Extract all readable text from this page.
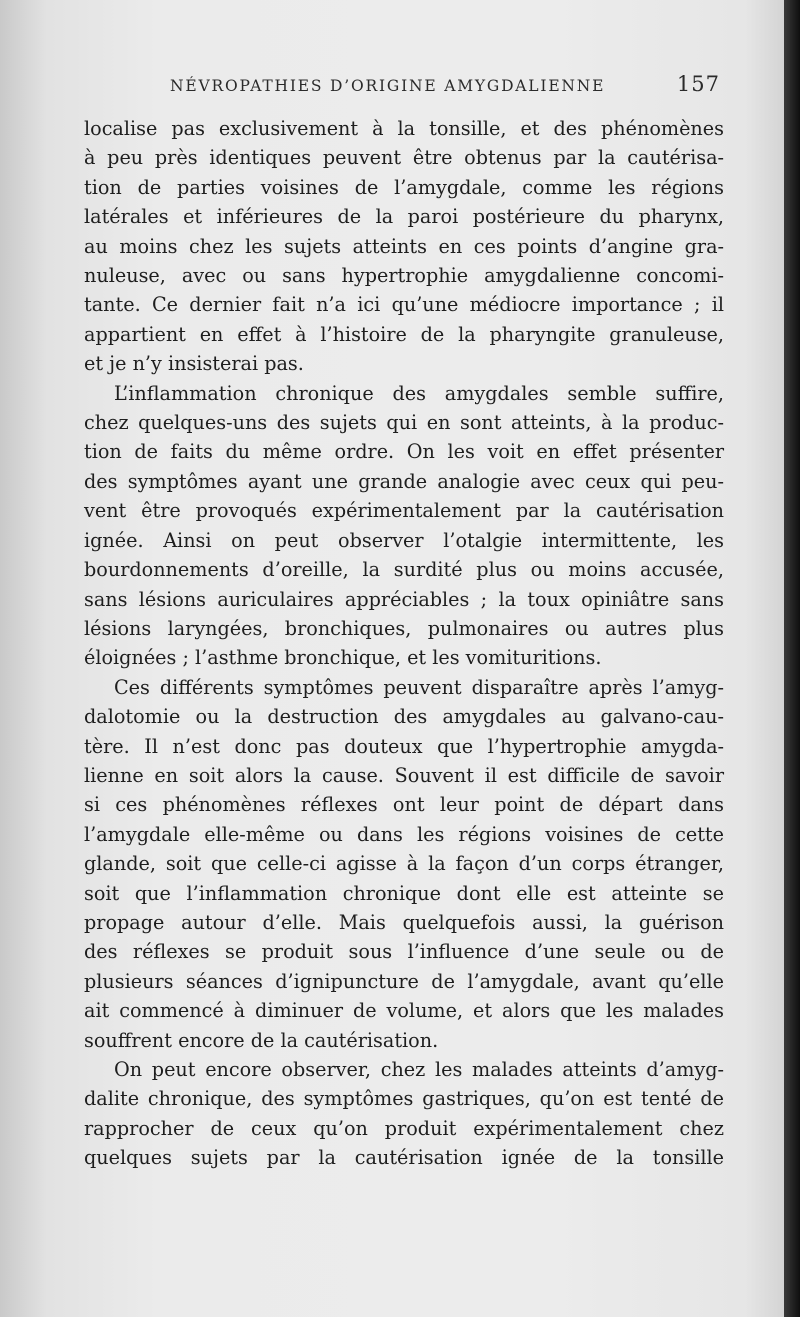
NÉVROPATHIES D’ORIGINE AMYGDALIENNE	157

localise pas exclusivement à la tonsille, et des phénomènes
à peu près identiques peuvent être obtenus par la cautérisa-
tion de parties voisines de l’amygdale, comme les régions
latérales et inférieures de la paroi postérieure du pharynx,
au moins chez les sujets atteints en ces points d’angine gra-
nuleuse, avec ou sans hypertrophie amygdalienne concomi-
tante. Ce dernier fait n’a ici qu’une médiocre importance ; il
appartient en effet à l’histoire de la pharyngite granuleuse,
et je n’y insisterai pas.

L’inflammation chronique des amygdales semble suffire,
chez quelques-uns des sujets qui en sont atteints, à la produc-
tion de faits du même ordre. On les voit en effet présenter
des symptômes ayant une grande analogie avec ceux qui peu-
vent être provoqués expérimentalement par la cautérisation
ignée. Ainsi on peut observer l’otalgie intermittente, les
bourdonnements d’oreille, la surdité plus ou moins accusée,
sans lésions auriculaires appréciables ; la toux opiniâtre sans
lésions laryngées, bronchiques, pulmonaires ou autres plus
éloignées ; l’asthme bronchique, et les vomituritions.

Ces différents symptômes peuvent disparaître après l’amyg-
dalotomie ou la destruction des amygdales au galvano-cau-
tère. Il n’est donc pas douteux que l’hypertrophie amygda-
lienne en soit alors la cause. Souvent il est difficile de savoir
si ces phénomènes réflexes ont leur point de départ dans
l’amygdale elle-même ou dans les régions voisines de cette
glande, soit que celle-ci agisse à la façon d’un corps étranger,
soit que l’inflammation chronique dont elle est atteinte se
propage autour d’elle. Mais quelquefois aussi, la guérison
des réflexes se produit sous l’influence d’une seule ou de
plusieurs séances d’ignipuncture de l’amygdale, avant qu’elle
ait commencé à diminuer de volume, et alors que les malades
souffrent encore de la cautérisation.

On peut encore observer, chez les malades atteints d’amyg-
dalite chronique, des symptômes gastriques, qu’on est tenté de
rapprocher de ceux qu’on produit expérimentalement chez
quelques sujets par la cautérisation ignée de la tonsille
